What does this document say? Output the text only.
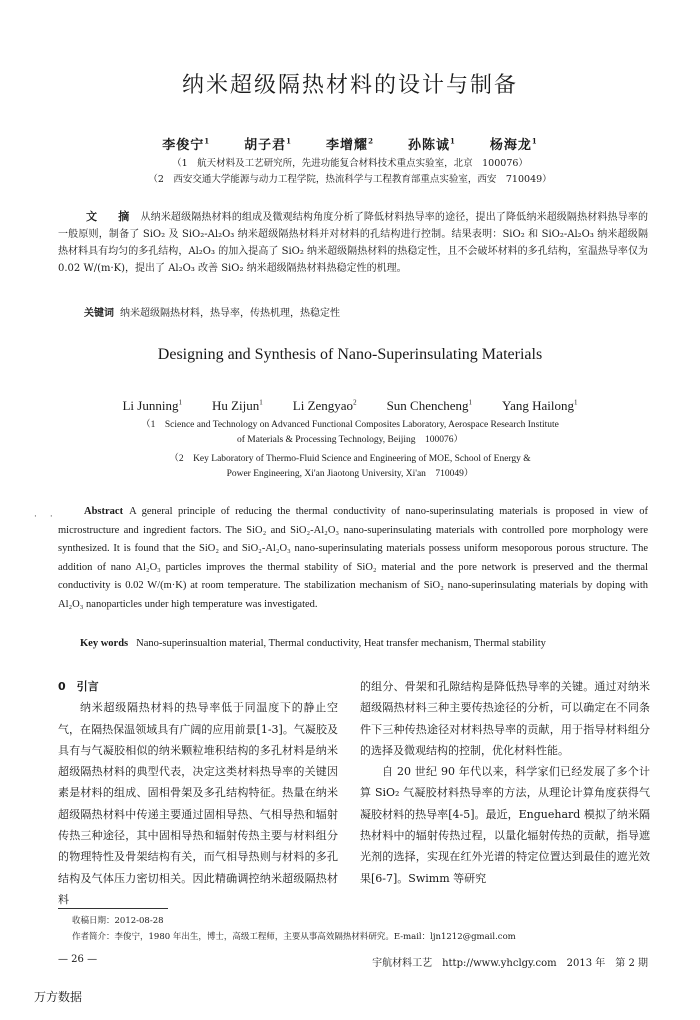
纳米超级隔热材料的设计与制备
李俊宁$^1$	胡子君$^1$	李增耀$^2$	孙陈诚$^1$	杨海龙$^1$
（1　航天材料及工艺研究所，先进功能复合材料技术重点实验室，北京　100076）
（2　西安交通大学能源与动力工程学院，热流科学与工程教育部重点实验室，西安　710049）
文　摘 从纳米超级隔热材料的组成及微观结构角度分析了降低材料热导率的途径，提出了降低纳米超级隔热材料热导率的一般原则，制备了 SiO₂ 及 SiO₂-Al₂O₃ 纳米超级隔热材料并对材料的孔结构进行控制。结果表明：SiO₂ 和 SiO₂-Al₂O₃ 纳米超级隔热材料具有均匀的多孔结构，Al₂O₃ 的加入提高了 SiO₂ 纳米超级隔热材料的热稳定性，且不会破坏材料的多孔结构，室温热导率仅为 0.02 W/(m·K)，提出了 Al₂O₃ 改善 SiO₂ 纳米超级隔热材料热稳定性的机理。
关键词 纳米超级隔热材料，热导率，传热机理，热稳定性
Designing and Synthesis of Nano-Superinsulating Materials
Li Junning$^1$ Hu Zijun$^1$ Li Zengyao$^2$ Sun Chencheng$^1$ Yang Hailong$^1$
（1　Science and Technology on Advanced Functional Composites Laboratory, Aerospace Research Institute
of Materials & Processing Technology, Beijing　100076）
（2　Key Laboratory of Thermo-Fluid Science and Engineering of MOE, School of Energy &
Power Engineering, Xi'an Jiaotong University, Xi'an　710049）
·　·	Abstract A general principle of reducing the thermal conductivity of nano-superinsulating materials is proposed in view of microstructure and ingredient factors. The SiO₂ and SiO₂-Al₂O₃ nano-superinsulating materials with controlled pore morphology were synthesized. It is found that the SiO₂ and SiO₂-Al₂O₃ nano-superinsulating materials possess uniform mesoporous porous structure. The addition of nano Al₂O₃ particles improves the thermal stability of SiO₂ material and the pore network is preserved and the thermal conductivity is 0.02 W/(m·K) at room temperature. The stabilization mechanism of SiO₂ nano-superinsulating materials by doping with Al₂O₃ nanoparticles under high temperature was investigated.
Key words Nano-superinsualtion material, Thermal conductivity, Heat transfer mechanism, Thermal stability
0　 引言
纳米超级隔热材料的热导率低于同温度下的静止空气，在隔热保温领域具有广阔的应用前景[1-3]。气凝胶及具有与气凝胶相似的纳米颗粒堆积结构的多孔材料是纳米超级隔热材料的典型代表，决定这类材料热导率的关键因素是材料的组成、固相骨架及多孔结构特征。热量在纳米超级隔热材料中传递主要通过固相导热、气相导热和辐射传热三种途径，其中固相导热和辐射传热主要与材料组分的物理特性及骨架结构有关，而气相导热则与材料的多孔结构及气体压力密切相关。因此精确调控纳米超级隔热材料
的组分、骨架和孔隙结构是降低热导率的关键。通过对纳米超级隔热材料三种主要传热途径的分析，可以确定在不同条件下三种传热途径对材料热导率的贡献，用于指导材料组分的选择及微观结构的控制，优化材料性能。
自 20 世纪 90 年代以来，科学家们已经发展了多个计算 SiO₂ 气凝胶材料热导率的方法，从理论计算角度获得气凝胶材料的热导率[4-5]。最近，Enguehard 模拟了纳米隔热材料中的辐射传热过程，以量化辐射传热的贡献，指导遮光剂的选择，实现在红外光谱的特定位置达到最佳的遮光效果[6-7]。Swimm 等研究
收稿日期：2012-08-28
作者简介：李俊宁，1980 年出生，博士，高级工程师，主要从事高效隔热材料研究。E-mail：ljn1212@gmail.com
— 26 —	宇航材料工艺　http://www.yhclgy.com　2013 年　第 2 期
万方数据
